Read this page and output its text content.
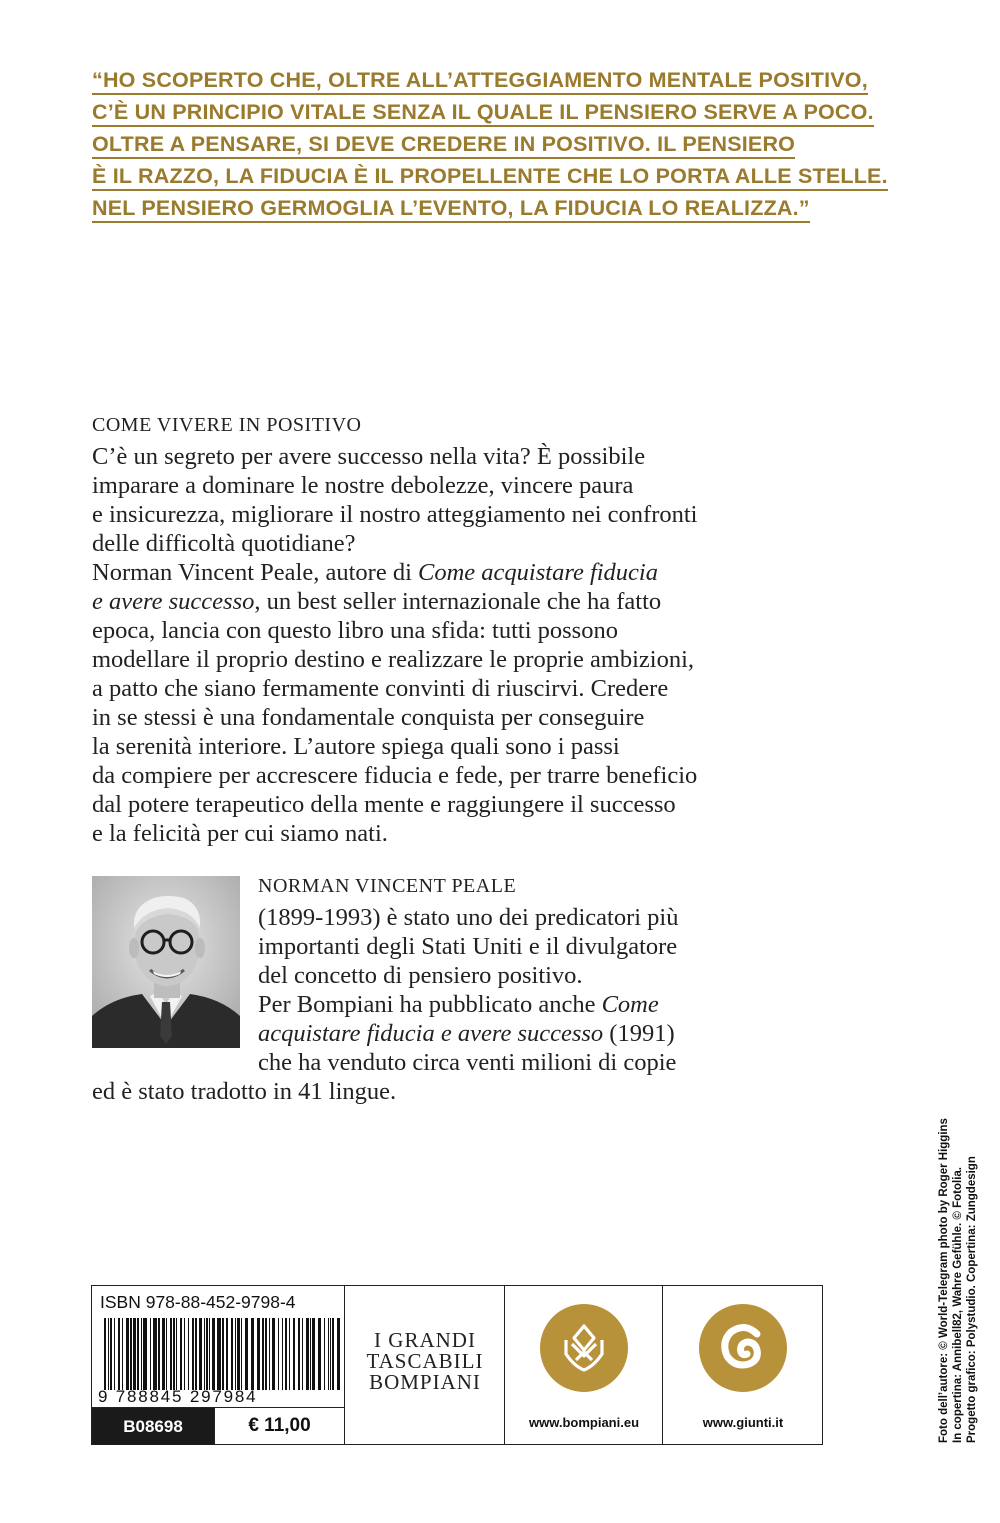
“HO SCOPERTO CHE, OLTRE ALL’ATTEGGIAMENTO MENTALE POSITIVO,
C’È UN PRINCIPIO VITALE SENZA IL QUALE IL PENSIERO SERVE A POCO.
OLTRE A PENSARE, SI DEVE CREDERE IN POSITIVO. IL PENSIERO
È IL RAZZO, LA FIDUCIA È IL PROPELLENTE CHE LO PORTA ALLE STELLE.
NEL PENSIERO GERMOGLIA L’EVENTO, LA FIDUCIA LO REALIZZA.”
COME VIVERE IN POSITIVO
C’è un segreto per avere successo nella vita? È possibile
imparare a dominare le nostre debolezze, vincere paura
e insicurezza, migliorare il nostro atteggiamento nei confronti
delle difficoltà quotidiane?
Norman Vincent Peale, autore di Come acquistare fiducia
e avere successo, un best seller internazionale che ha fatto
epoca, lancia con questo libro una sfida: tutti possono
modellare il proprio destino e realizzare le proprie ambizioni,
a patto che siano fermamente convinti di riuscirvi. Credere
in se stessi è una fondamentale conquista per conseguire
la serenità interiore. L’autore spiega quali sono i passi
da compiere per accrescere fiducia e fede, per trarre beneficio
dal potere terapeutico della mente e raggiungere il successo
e la felicità per cui siamo nati.
NORMAN VINCENT PEALE
(1899-1993) è stato uno dei predicatori più
importanti degli Stati Uniti e il divulgatore
del concetto di pensiero positivo.
Per Bompiani ha pubblicato anche Come
acquistare fiducia e avere successo (1991)
che ha venduto circa venti milioni di copie
ed è stato tradotto in 41 lingue.
Foto dell’autore: © World-Telegram photo by Roger Higgins In copertina: Annibell82, Wahre Gefühle. © Fotolia. Progetto grafico: Polystudio. Copertina: Zungdesign
ISBN 978-88-452-9798-4
9 788845 297984
B08698	€ 11,00
I GRANDI
TASCABILI
BOMPIANI
www.bompiani.eu	www.giunti.it
